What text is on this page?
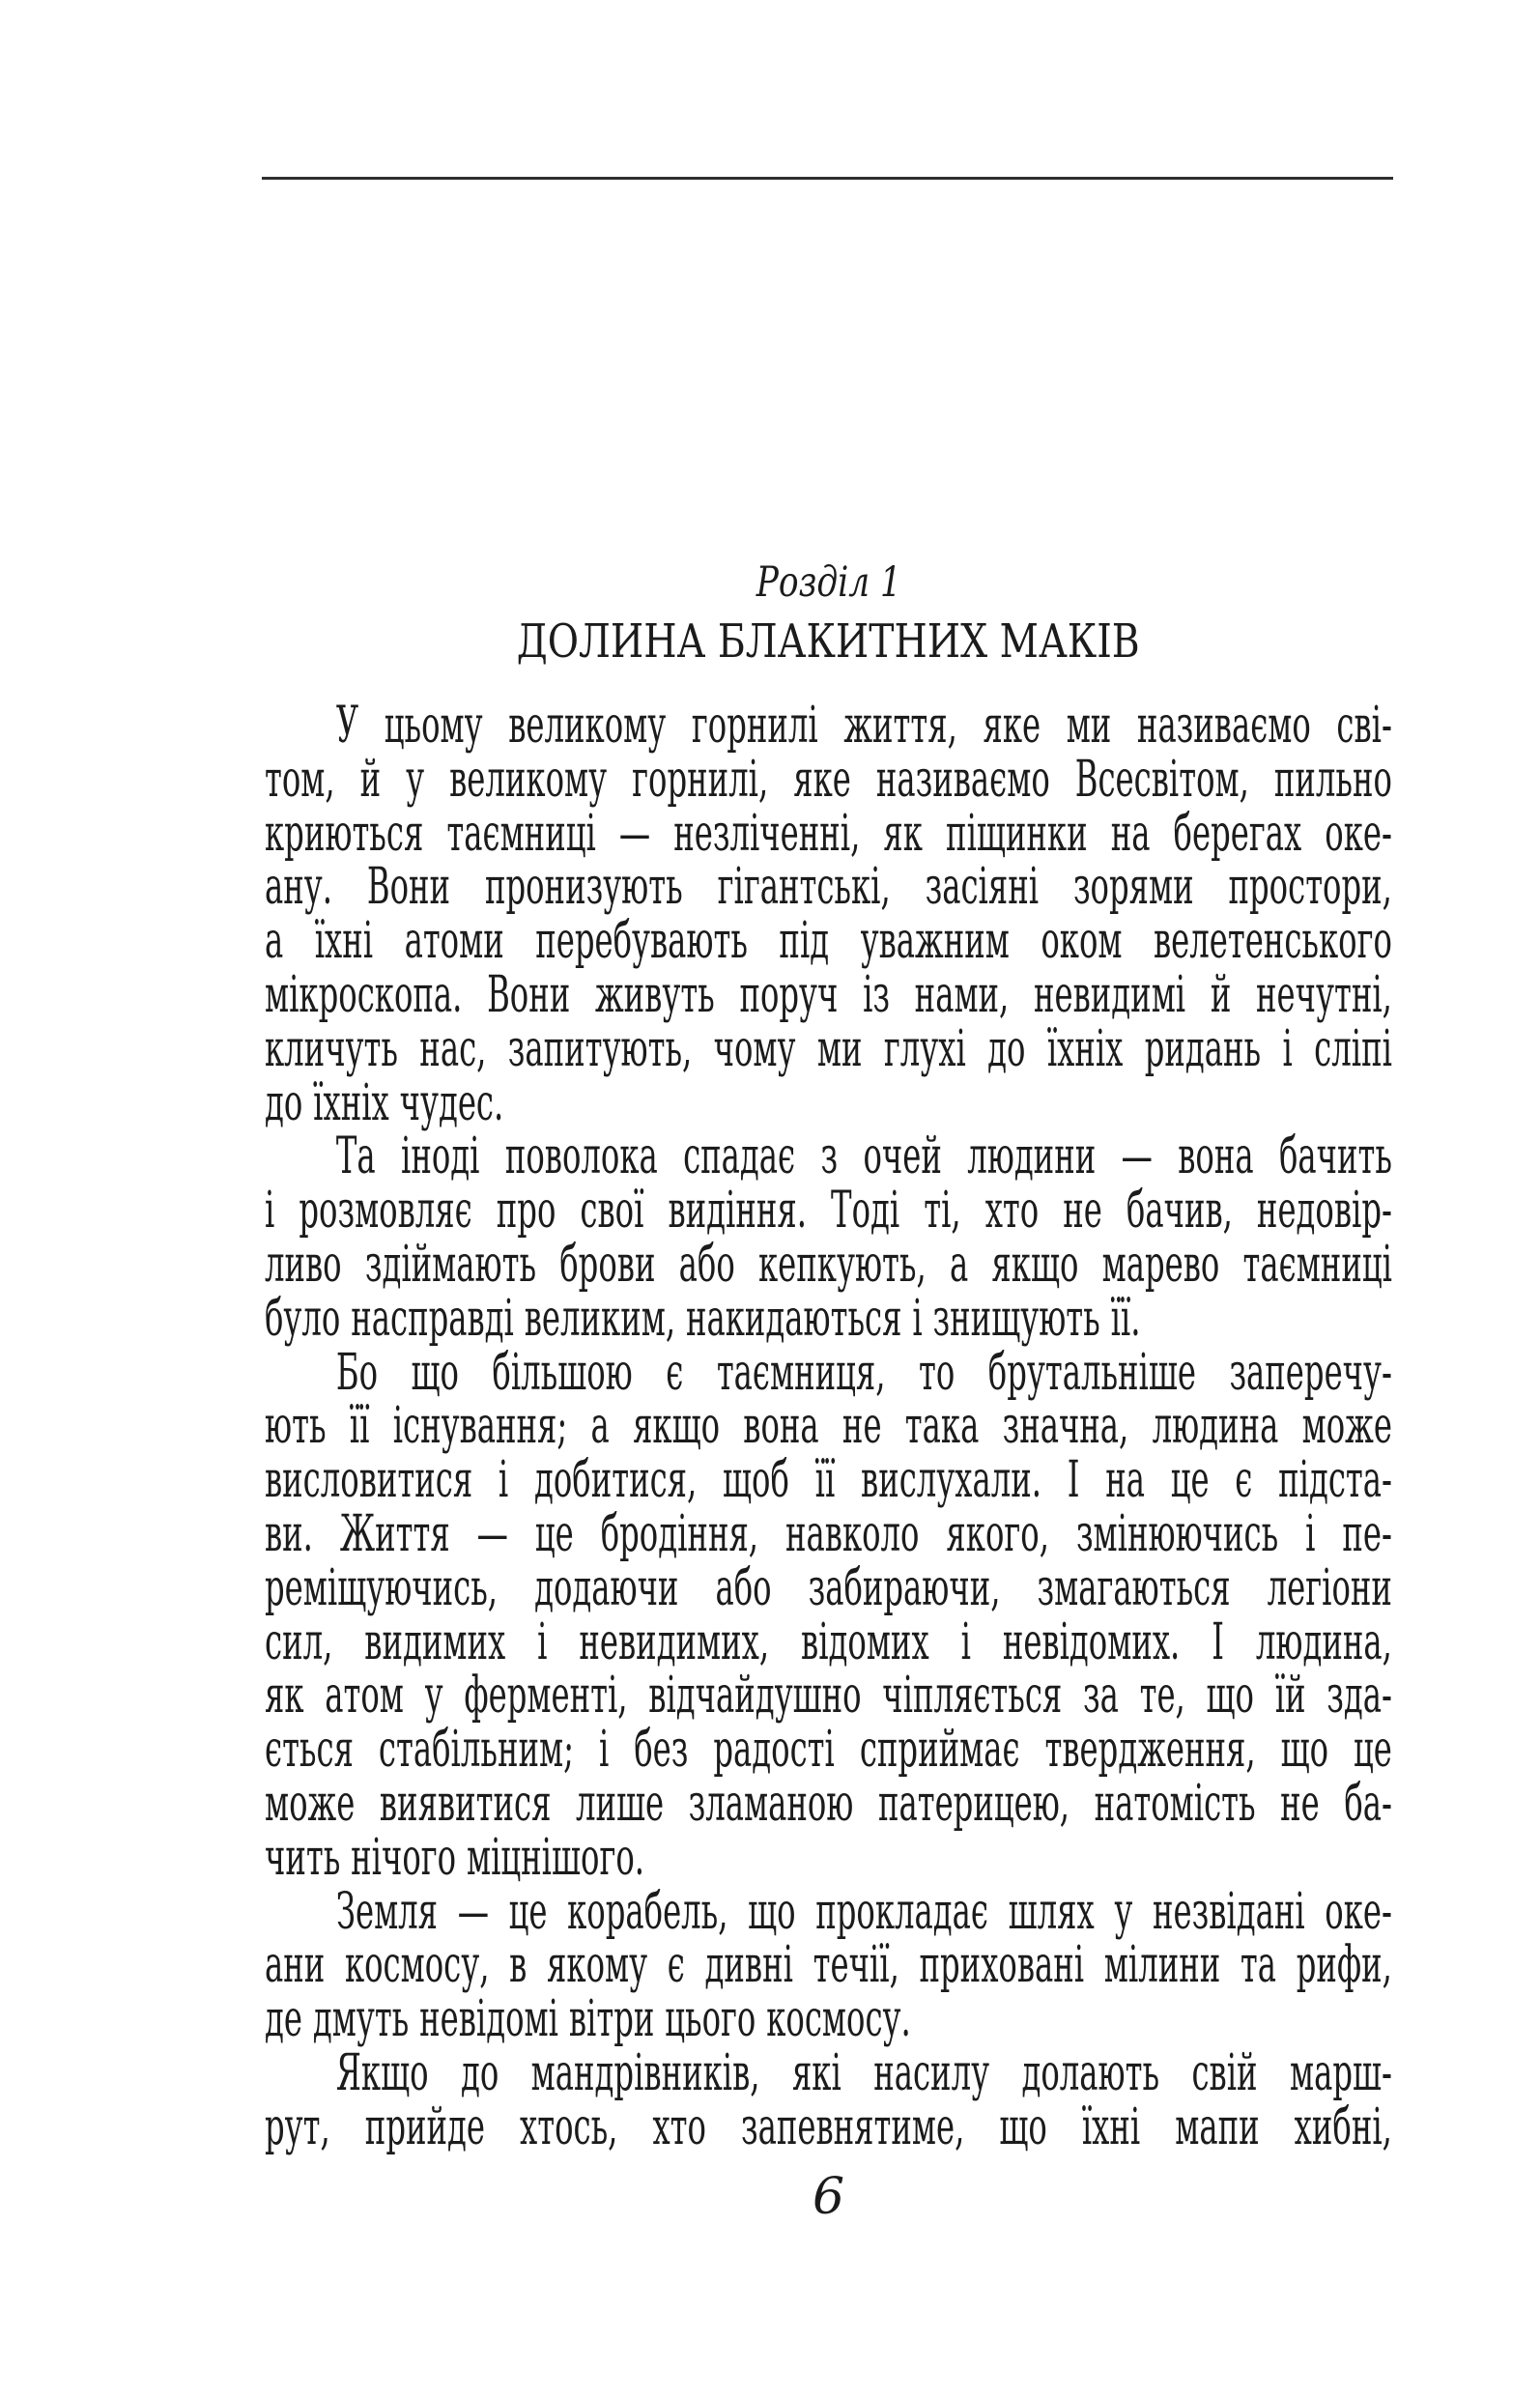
Розділ 1
ДОЛИНА БЛАКИТНИХ МАКІВ
У цьому великому горнилі життя, яке ми називаємо сві-
том, й у великому горнилі, яке називаємо Всесвітом, пильно
криються таємниці — незліченні, як піщинки на берегах оке-
ану. Вони пронизують гігантські, засіяні зорями простори,
а їхні атоми перебувають під уважним оком велетенського
мікроскопа. Вони живуть поруч із нами, невидимі й нечутні,
кличуть нас, запитують, чому ми глухі до їхніх ридань і сліпі
до їхніх чудес.
Та іноді поволока спадає з очей людини — вона бачить
і розмовляє про свої видіння. Тоді ті, хто не бачив, недовір-
ливо здіймають брови або кепкують, а якщо марево таємниці
було насправді великим, накидаються і знищують її.
Бо що більшою є таємниця, то брутальніше заперечу-
ють її існування; а якщо вона не така значна, людина може
висловитися і добитися, щоб її вислухали. І на це є підста-
ви. Життя — це бродіння, навколо якого, змінюючись і пе-
реміщуючись, додаючи або забираючи, змагаються легіони
сил, видимих і невидимих, відомих і невідомих. І людина,
як атом у ферменті, відчайдушно чіпляється за те, що їй зда-
ється стабільним; і без радості сприймає твердження, що це
може виявитися лише зламаною патерицею, натомість не ба-
чить нічого міцнішого.
Земля — це корабель, що прокладає шлях у незвідані оке-
ани космосу, в якому є дивні течії, приховані мілини та рифи,
де дмуть невідомі вітри цього космосу.
Якщо до мандрівників, які насилу долають свій марш-
рут, прийде хтось, хто запевнятиме, що їхні мапи хибні,
6
